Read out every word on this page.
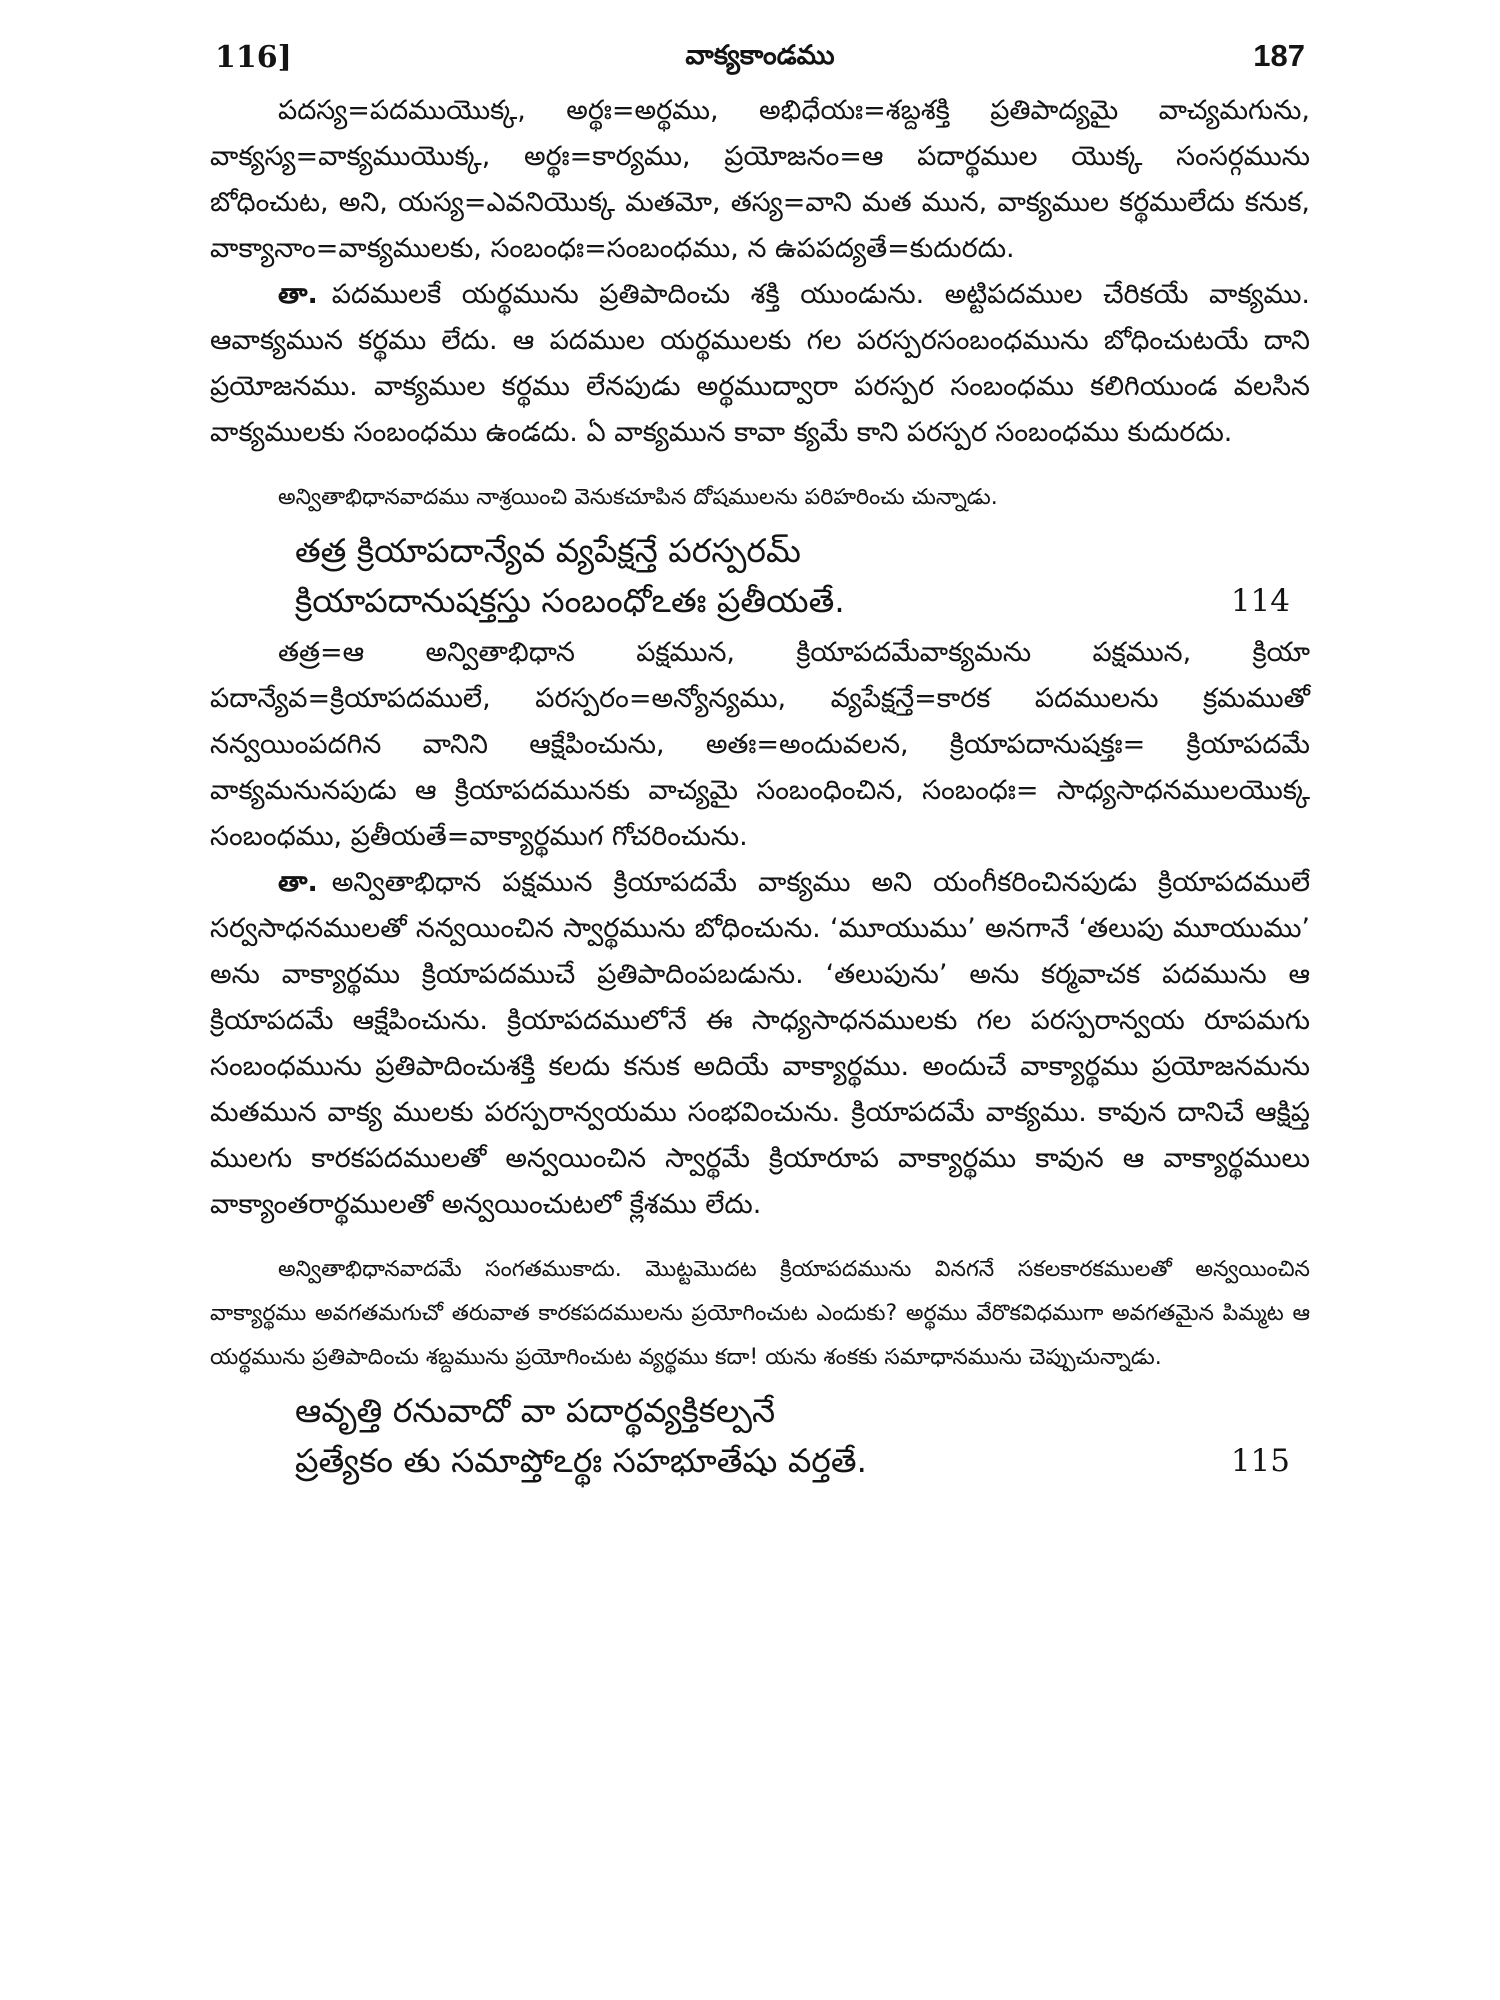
116]	వాక్యకాండము	187

పదస్య=పదముయొక్క, అర్థః=అర్థము, అభిధేయః=శబ్దశక్తి ప్రతిపాద్యమై వాచ్యమగును, వాక్యస్య=వాక్యముయొక్క, అర్థః=కార్యము, ప్రయోజనం=ఆ పదార్థముల యొక్క సంసర్గమును బోధించుట, అని, యస్య=ఎవనియొక్క మతమో, తస్య=వాని మత మున, వాక్యముల కర్థములేదు కనుక, వాక్యానాం=వాక్యములకు, సంబంధః=సంబంధము, న ఉపపద్యతే=కుదురదు.

తా. పదములకే యర్థమును ప్రతిపాదించు శక్తి యుండును. అట్టిపదముల చేరికయే వాక్యము. ఆవాక్యమున కర్థము లేదు. ఆ పదముల యర్థములకు గల పరస్పరసంబంధమును బోధించుటయే దాని ప్రయోజనము. వాక్యముల కర్థము లేనపుడు అర్థముద్వారా పరస్పర సంబంధము కలిగియుండ వలసిన వాక్యములకు సంబంధము ఉండదు. ఏ వాక్యమున కావా క్యమే కాని పరస్పర సంబంధము కుదురదు.

అన్వితాభిధానవాదము నాశ్రయించి వెనుకచూపిన దోషములను పరిహరించు చున్నాడు.

తత్ర క్రియాపదాన్యేవ వ్యపేక్షన్తే పరస్పరమ్
క్రియాపదానుషక్తస్తు సంబంధోఽతః ప్రతీయతే.	114

తత్ర=ఆ అన్వితాభిధాన పక్షమున, క్రియాపదమేవాక్యమను పక్షమున, క్రియా పదాన్యేవ=క్రియాపదములే, పరస్పరం=అన్యోన్యము, వ్యపేక్షన్తే=కారక పదములను క్రమముతో నన్వయింపదగిన వానిని ఆక్షేపించును, అతః=అందువలన, క్రియాపదానుషక్తః= క్రియాపదమే వాక్యమనునపుడు ఆ క్రియాపదమునకు వాచ్యమై సంబంధించిన, సంబంధః= సాధ్యసాధనములయొక్క సంబంధము, ప్రతీయతే=వాక్యార్థముగ గోచరించును.

తా. అన్వితాభిధాన పక్షమున క్రియాపదమే వాక్యము అని యంగీకరించినపుడు క్రియాపదములే సర్వసాధనములతో నన్వయించిన స్వార్థమును బోధించును. ‘మూయుము’ అనగానే ‘తలుపు మూయుము’ అను వాక్యార్థము క్రియాపదముచే ప్రతిపాదింపబడును. ‘తలుపును’ అను కర్మవాచక పదమును ఆ క్రియాపదమే ఆక్షేపించును. క్రియాపదములోనే ఈ సాధ్యసాధనములకు గల పరస్పరాన్వయ రూపమగు సంబంధమును ప్రతిపాదించుశక్తి కలదు కనుక అదియే వాక్యార్థము. అందుచే వాక్యార్థము ప్రయోజనమను మతమున వాక్య ములకు పరస్పరాన్వయము సంభవించును. క్రియాపదమే వాక్యము. కావున దానిచే ఆక్షిప్త ములగు కారకపదములతో అన్వయించిన స్వార్థమే క్రియారూప వాక్యార్థము కావున ఆ వాక్యార్థములు వాక్యాంతరార్థములతో అన్వయించుటలో క్లేశము లేదు.

అన్వితాభిధానవాదమే సంగతముకాదు. మొట్టమొదట క్రియాపదమును వినగనే సకలకారకములతో అన్వయించిన వాక్యార్థము అవగతమగుచో తరువాత కారకపదములను ప్రయోగించుట ఎందుకు? అర్థము వేరొకవిధముగా అవగతమైన పిమ్మట ఆ యర్థమును ప్రతిపాదించు శబ్దమును ప్రయోగించుట వ్యర్థము కదా! యను శంకకు సమాధానమును చెప్పుచున్నాడు.

ఆవృత్తి రనువాదో వా పదార్థవ్యక్తికల్పనే
ప్రత్యేకం తు సమాప్తోఽర్థః సహభూతేషు వర్తతే.	115
